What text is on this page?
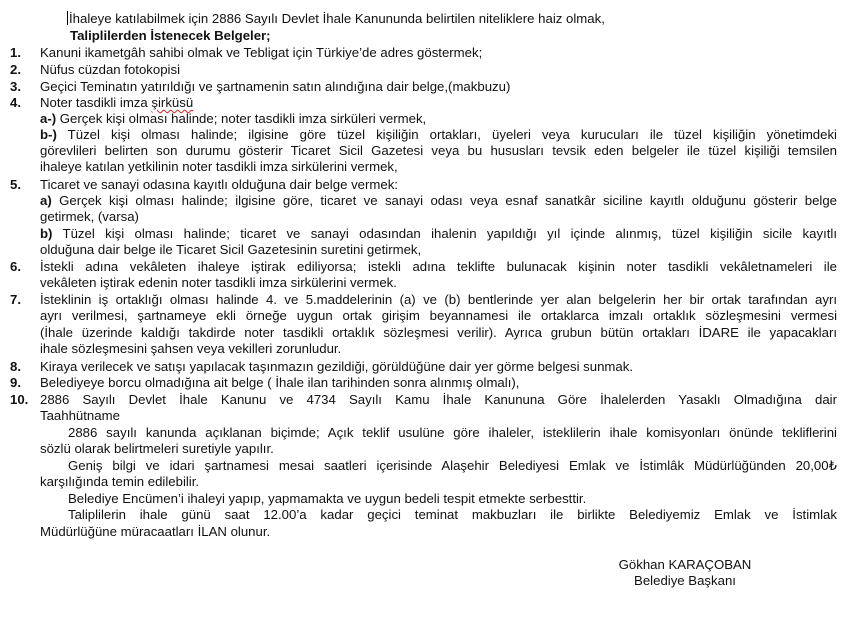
İhaleye katılabilmek için 2886 Sayılı Devlet İhale Kanununda belirtilen niteliklere haiz olmak,
Taliplilerden İstenecek Belgeler;
1. Kanuni ikametgâh sahibi olmak ve Tebligat için Türkiye’de adres göstermek;
2. Nüfus cüzdan fotokopisi
3. Geçici Teminatın yatırıldığı ve şartnamenin satın alındığına dair belge,(makbuzu)
4. Noter tasdikli imza şirküsü
a-) Gerçek kişi olması halinde; noter tasdikli imza sirküleri vermek,
b-) Tüzel kişi olması halinde; ilgisine göre tüzel kişiliğin ortakları, üyeleri veya kurucuları ile tüzel kişiliğin yönetimdeki
görevlileri belirten son durumu gösterir Ticaret Sicil Gazetesi veya bu hususları tevsik eden belgeler ile tüzel kişiliği temsilen
ihaleye katılan yetkilinin noter tasdikli imza sirkülerini vermek,
5. Ticaret ve sanayi odasına kayıtlı olduğuna dair belge vermek:
a) Gerçek kişi olması halinde; ilgisine göre, ticaret ve sanayi odası veya esnaf sanatkâr siciline kayıtlı olduğunu gösterir belge
getirmek, (varsa)
b) Tüzel kişi olması halinde; ticaret ve sanayi odasından ihalenin yapıldığı yıl içinde alınmış, tüzel kişiliğin sicile kayıtlı
olduğuna dair belge ile Ticaret Sicil Gazetesinin suretini getirmek,
6. İstekli adına vekâleten ihaleye iştirak ediliyorsa; istekli adına teklifte bulunacak kişinin noter tasdikli vekâletnameleri ile
vekâleten iştirak edenin noter tasdikli imza sirkülerini vermek.
7. İsteklinin iş ortaklığı olması halinde 4. ve 5.maddelerinin (a) ve (b) bentlerinde yer alan belgelerin her bir ortak tarafından ayrı
ayrı verilmesi, şartnameye ekli örneğe uygun ortak girişim beyannamesi ile ortaklarca imzalı ortaklık sözleşmesini vermesi
(İhale üzerinde kaldığı takdirde noter tasdikli ortaklık sözleşmesi verilir). Ayrıca grubun bütün ortakları İDARE ile yapacakları
ihale sözleşmesini şahsen veya vekilleri zorunludur.
8. Kiraya verilecek ve satışı yapılacak taşınmazın gezildiği, görüldüğüne dair yer görme belgesi sunmak.
9. Belediyeye borcu olmadığına ait belge ( İhale ilan tarihinden sonra alınmış olmalı),
10. 2886 Sayılı Devlet İhale Kanunu ve 4734 Sayılı Kamu İhale Kanununa Göre İhalelerden Yasaklı Olmadığına dair
Taahhütname
2886 sayılı kanunda açıklanan biçimde; Açık teklif usulüne göre ihaleler, isteklilerin ihale komisyonları önünde tekliflerini
sözlü olarak belirtmeleri suretiyle yapılır.
Geniş bilgi ve idari şartnamesi mesai saatleri içerisinde Alaşehir Belediyesi Emlak ve İstimlâk Müdürlüğünden 20,00₺
karşılığında temin edilebilir.
Belediye Encümen’i ihaleyi yapıp, yapmamakta ve uygun bedeli tespit etmekte serbesttir.
Taliplilerin ihale günü saat 12.00’a kadar geçici teminat makbuzları ile birlikte Belediyemiz Emlak ve İstimlak
Müdürlüğüne müracaatları İLAN olunur.
Gökhan KARAÇOBAN
Belediye Başkanı
